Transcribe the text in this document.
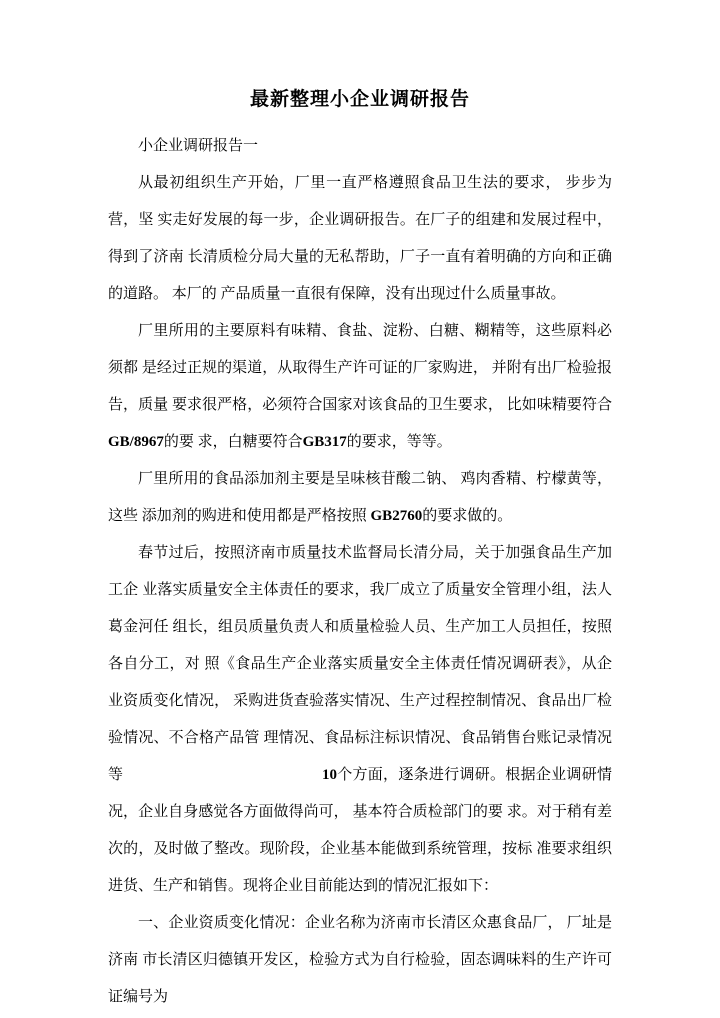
最新整理小企业调研报告

小企业调研报告一

从最初组织生产开始，厂里一直严格遵照食品卫生法的要求， 步步为营，坚 实走好发展的每一步，企业调研报告。在厂子的组建和发展过程中，得到了济南 长清质检分局大量的无私帮助，厂子一直有着明确的方向和正确的道路。 本厂的 产品质量一直很有保障，没有出现过什么质量事故。

厂里所用的主要原料有味精、食盐、淀粉、白糖、糊精等，这些原料必须都 是经过正规的渠道，从取得生产许可证的厂家购进， 并附有出厂检验报告，质量 要求很严格，必须符合国家对该食品的卫生要求， 比如味精要符合GB/8967的要 求，白糖要符合GB317的要求，等等。

厂里所用的食品添加剂主要是呈味核苷酸二钠、 鸡肉香精、柠檬黄等，这些 添加剂的购进和使用都是严格按照 GB2760的要求做的。

春节过后，按照济南市质量技术监督局长清分局，关于加强食品生产加工企 业落实质量安全主体责任的要求，我厂成立了质量安全管理小组，法人葛金河任 组长，组员质量负责人和质量检验人员、生产加工人员担任，按照各自分工，对 照《食品生产企业落实质量安全主体责任情况调研表》，从企业资质变化情况， 采购进货查验落实情况、生产过程控制情况、食品出厂检验情况、不合格产品管 理情况、食品标注标识情况、食品销售台账记录情况等　　　　　　　　　　　　　10个方面，逐条进行调研。根据企业调研情况，企业自身感觉各方面做得尚可， 基本符合质检部门的要 求。对于稍有差次的，及时做了整改。现阶段，企业基本能做到系统管理，按标 准要求组织进货、生产和销售。现将企业目前能达到的情况汇报如下：

一、企业资质变化情况：企业名称为济南市长清区众惠食品厂， 厂址是济南 市长清区归德镇开发区，检验方式为自行检验，固态调味料的生产许可证编号为
